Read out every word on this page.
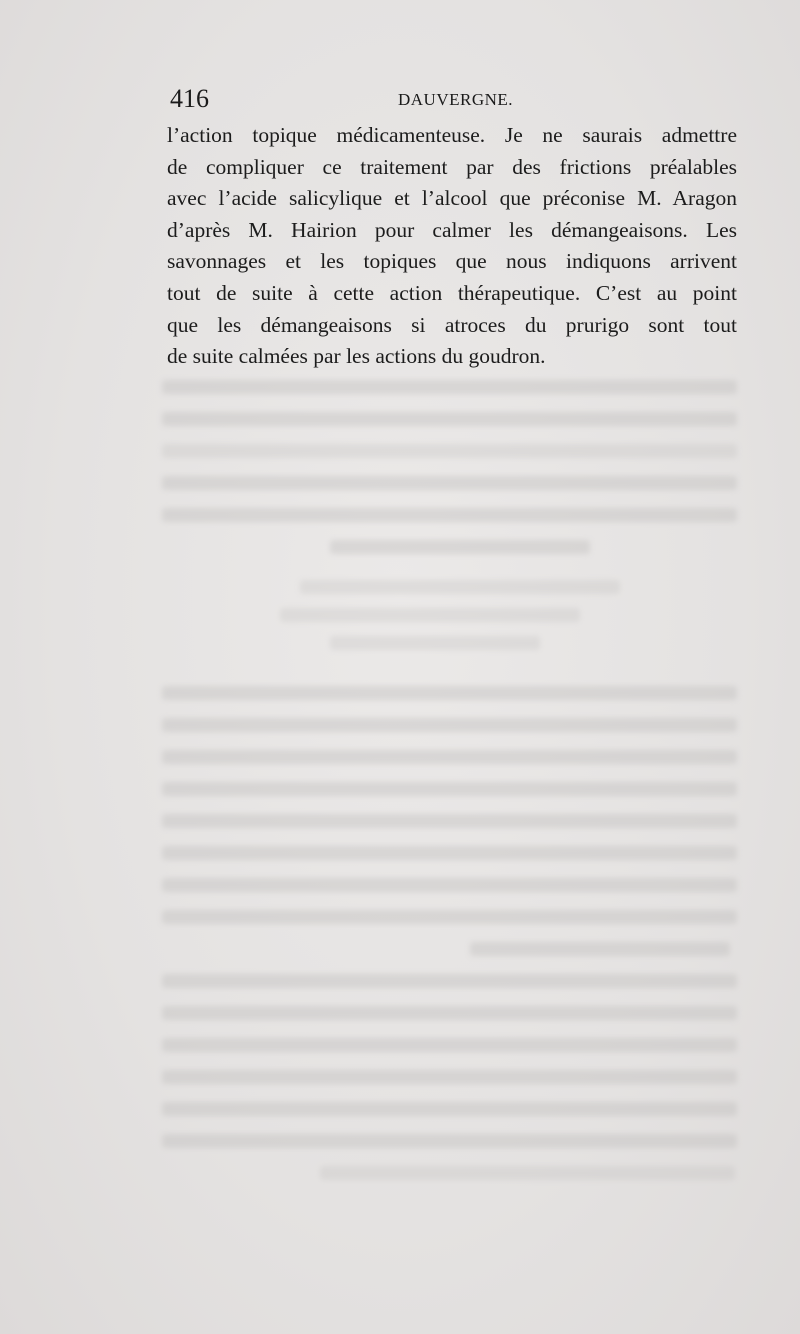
416	DAUVERGNE.
l’action topique médicamenteuse. Je ne saurais admettre
de compliquer ce traitement par des frictions préalables
avec l’acide salicylique et l’alcool que préconise M. Aragon
d’après M. Hairion pour calmer les démangeaisons. Les
savonnages et les topiques que nous indiquons arrivent
tout de suite à cette action thérapeutique. C’est au point
que les démangeaisons si atroces du prurigo sont tout
de suite calmées par les actions du goudron.
